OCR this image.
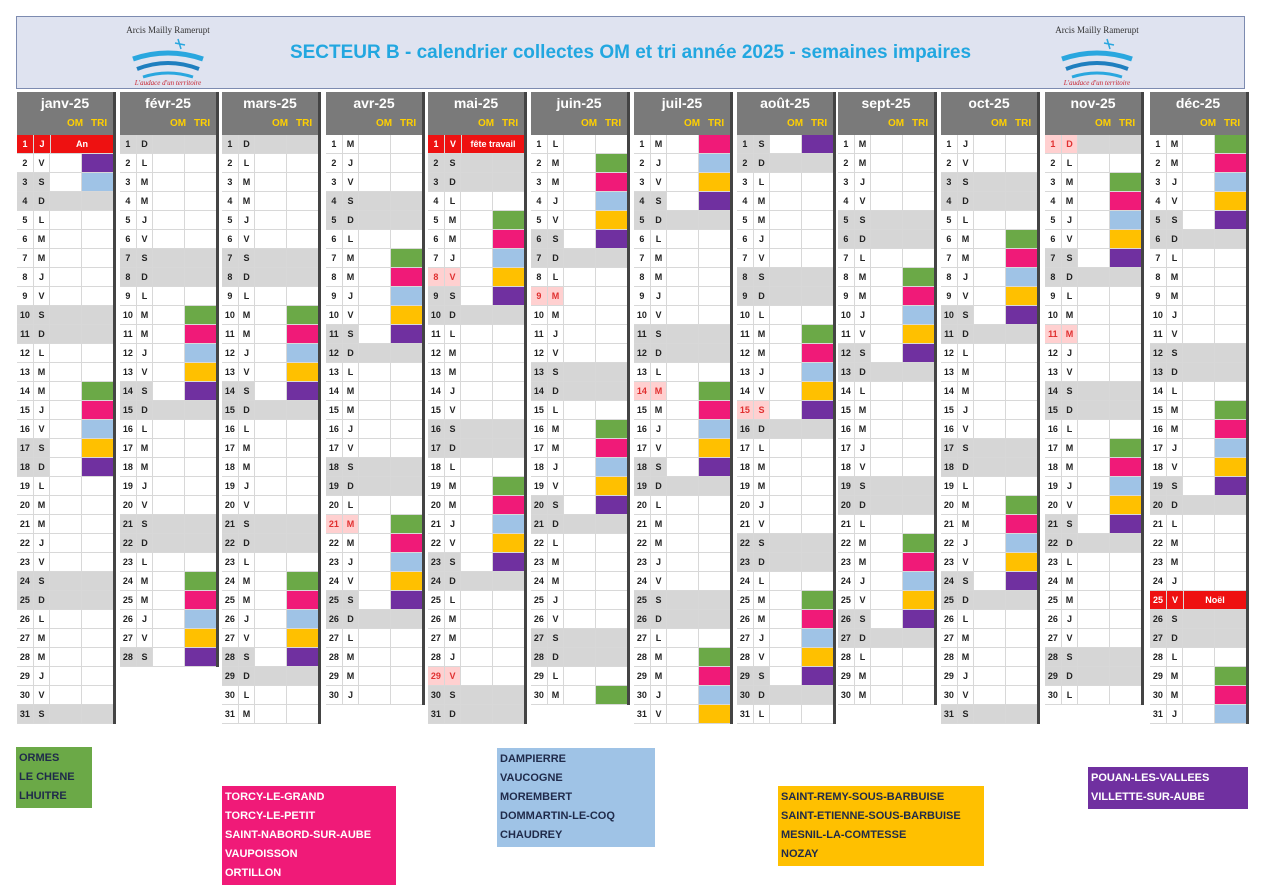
Arcis Mailly Ramerupt
L'audace d'un territoire
SECTEUR B - calendrier collectes OM et tri année 2025 - semaines impaires
Arcis Mailly Ramerupt
L'audace d'un territoire
janv-25
OM TRI
1	J	An
2	V
3	S
4	D
5	L
6	M
7	M
8	J
9	V
10 S
11 D
12 L
13 M
14 M
15	J
16 V
17 S
18 D
19 L
20 M
21 M
22	J
23 V
24 S
25 D
26 L
27 M
28 M
29	J
30 V
31 S
févr-25
OM TRI
1	D
2	L
3	M
4	M
5	J
6	V
7	S
8	D
9	L
10 M
11 M
12	J
13 V
14 S
15 D
16 L
17 M
18 M
19	J
20 V
21 S
22 D
23 L
24 M
25 M
26	J
27 V
28 S
mars-25
OM TRI
1	D
2	L
3	M
4	M
5	J
6	V
7	S
8	D
9	L
10 M
11 M
12	J
13 V
14 S
15 D
16 L
17 M
18 M
19	J
20 V
21 S
22 D
23 L
24 M
25 M
26	J
27 V
28 S
29 D
30 L
31 M
avr-25
OM TRI
1	M
2	J
3	V
4	S
5	D
6	L
7	M
8	M
9	J
10 V
11 S
12 D
13 L
14 M
15 M
16	J
17 V
18 S
19 D
20 L
21 M
22 M
23	J
24 V
25 S
26 D
27 L
28 M
29 M
30	J
mai-25
OM TRI
1	V	fête travail
2	S
3	D
4	L
5	M
6	M
7	J
8	V
9	S
10 D
11	L
12 M
13 M
14	J
15 V
16 S
17 D
18 L
19 M
20 M
21	J
22 V
23 S
24 D
25 L
26 M
27 M
28	J
29 V
30 S
31 D
juin-25
OM TRI
1	L
2	M
3	M
4	J
5	V
6	S
7	D
8	L
9	M
10 M
11	J
12 V
13 S
14 D
15 L
16 M
17 M
18	J
19 V
20 S
21 D
22 L
23 M
24 M
25	J
26 V
27 S
28 D
29 L
30 M
juil-25
OM TRI
1	M
2	J
3	V
4	S
5	D
6	L
7	M
8	M
9	J
10 V
11 S
12 D
13 L
14 M
15 M
16	J
17 V
18 S
19 D
20 L
21 M
22 M
23	J
24 V
25 S
26 D
27 L
28 M
29 M
30	J
31 V
août-25
OM TRI
1	S
2	D
3	L
4	M
5	M
6	J
7	V
8	S
9	D
10 L
11 M
12 M
13	J
14 V
15 S
16 D
17 L
18 M
19 M
20	J
21 V
22 S
23 D
24 L
25 M
26 M
27	J
28 V
29 S
30 D
31 L
sept-25
OM TRI
1	M
2	M
3	J
4	V
5	S
6	D
7	L
8	M
9	M
10	J
11 V
12 S
13 D
14 L
15 M
16 M
17	J
18 V
19 S
20 D
21 L
22 M
23 M
24	J
25 V
26 S
27 D
28 L
29 M
30 M
oct-25
OM TRI
1	J
2	V
3	S
4	D
5	L
6	M
7	M
8	J
9	V
10 S
11 D
12 L
13 M
14 M
15	J
16 V
17 S
18 D
19 L
20 M
21 M
22	J
23 V
24 S
25 D
26 L
27 M
28 M
29	J
30 V
31 S
nov-25
OM TRI
1	D
2	L
3	M
4	M
5	J
6	V
7	S
8	D
9	L
10 M
11 M
12	J
13 V
14 S
15 D
16 L
17 M
18 M
19	J
20 V
21 S
22 D
23 L
24 M
25 M
26	J
27 V
28 S
29 D
30 L
déc-25
OM TRI
1	M
2	M
3	J
4	V
5	S
6	D
7	L
8	M
9	M
10	J
11 V
12 S
13 D
14 L
15 M
16 M
17	J
18 V
19 S
20 D
21 L
22 M
23 M
24	J
25 V	Noël
26 S
27 D
28 L
29 M
30 M
31	J
ORMES
LE CHENE
LHUITRE	TORCY-LE-GRAND
TORCY-LE-PETIT
SAINT-NABORD-SUR-AUBE
VAUPOISSON
ORTILLON
DAMPIERRE
VAUCOGNE
MOREMBERT
DOMMARTIN-LE-COQ
CHAUDREY
SAINT-REMY-SOUS-BARBUISE
SAINT-ETIENNE-SOUS-BARBUISE
MESNIL-LA-COMTESSE
NOZAY
POUAN-LES-VALLEES
VILLETTE-SUR-AUBE
